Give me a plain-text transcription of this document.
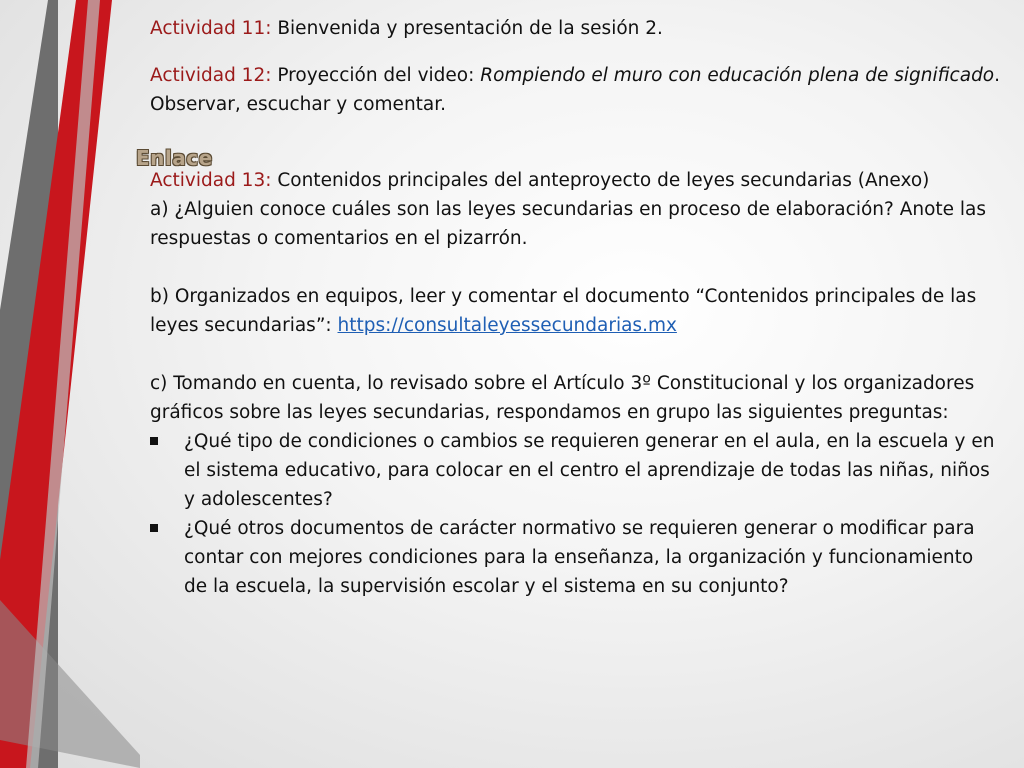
Enlace

Actividad 11: Bienvenida y presentación de la sesión 2.

Actividad 12: Proyección del video: Rompiendo el muro con educación plena de significado. Observar, escuchar y comentar.

Actividad 13: Contenidos principales del anteproyecto de leyes secundarias (Anexo)

a) ¿Alguien conoce cuáles son las leyes secundarias en proceso de elaboración? Anote las respuestas o comentarios en el pizarrón.

b) Organizados en equipos, leer y comentar el documento “Contenidos principales de las leyes secundarias”: https://consultaleyessecundarias.mx

c) Tomando en cuenta, lo revisado sobre el Artículo 3º Constitucional y los organizadores gráficos sobre las leyes secundarias, respondamos en grupo las siguientes preguntas:

¿Qué tipo de condiciones o cambios se requieren generar en el aula, en la escuela y en el sistema educativo, para colocar en el centro el aprendizaje de todas las niñas, niños y adolescentes?
¿Qué otros documentos de carácter normativo se requieren generar o modificar para contar con mejores condiciones para la enseñanza, la organización y funcionamiento de la escuela, la supervisión escolar y el sistema en su conjunto?
